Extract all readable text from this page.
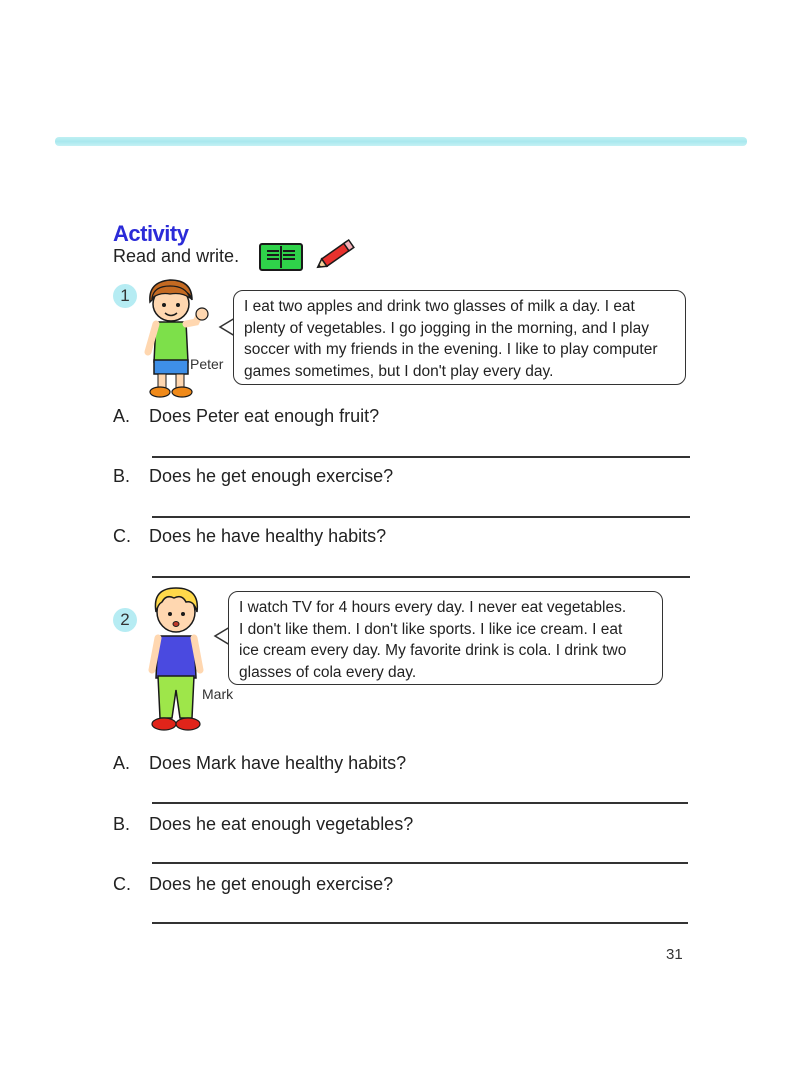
Activity
Read and write.
1
Peter
I eat two apples and drink two glasses of milk a day. I eat
plenty of vegetables. I go jogging in the morning, and I play
soccer with my friends in the evening. I like to play computer
games sometimes, but I don't play every day.
A. Does Peter eat enough fruit?
B. Does he get enough exercise?
C. Does he have healthy habits?
2
Mark
I watch TV for 4 hours every day. I never eat vegetables.
I don't like them. I don't like sports. I like ice cream. I eat
ice cream every day. My favorite drink is cola. I drink two
glasses of cola every day.
A. Does Mark have healthy habits?
B. Does he eat enough vegetables?
C. Does he get enough exercise?
31
